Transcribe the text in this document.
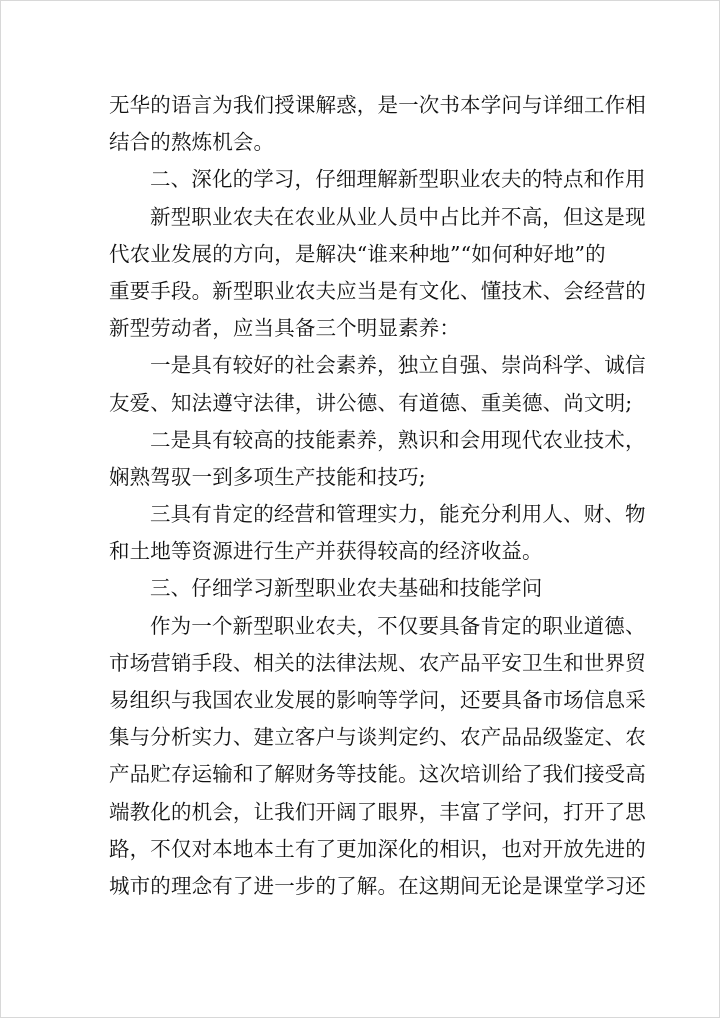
无华的语言为我们授课解惑，是一次书本学问与详细工作相
结合的熬炼机会。
二、深化的学习，仔细理解新型职业农夫的特点和作用
新型职业农夫在农业从业人员中占比并不高，但这是现
代农业发展的方向，是解决“谁来种地”“如何种好地”的
重要手段。新型职业农夫应当是有文化、懂技术、会经营的
新型劳动者，应当具备三个明显素养：
一是具有较好的社会素养，独立自强、崇尚科学、诚信
友爱、知法遵守法律，讲公德、有道德、重美德、尚文明;
二是具有较高的技能素养，熟识和会用现代农业技术，
娴熟驾驭一到多项生产技能和技巧;
三具有肯定的经营和管理实力，能充分利用人、财、物
和土地等资源进行生产并获得较高的经济收益。
三、仔细学习新型职业农夫基础和技能学问
作为一个新型职业农夫，不仅要具备肯定的职业道德、
市场营销手段、相关的法律法规、农产品平安卫生和世界贸
易组织与我国农业发展的影响等学问，还要具备市场信息采
集与分析实力、建立客户与谈判定约、农产品品级鉴定、农
产品贮存运输和了解财务等技能。这次培训给了我们接受高
端教化的机会，让我们开阔了眼界，丰富了学问，打开了思
路，不仅对本地本土有了更加深化的相识，也对开放先进的
城市的理念有了进一步的了解。在这期间无论是课堂学习还
